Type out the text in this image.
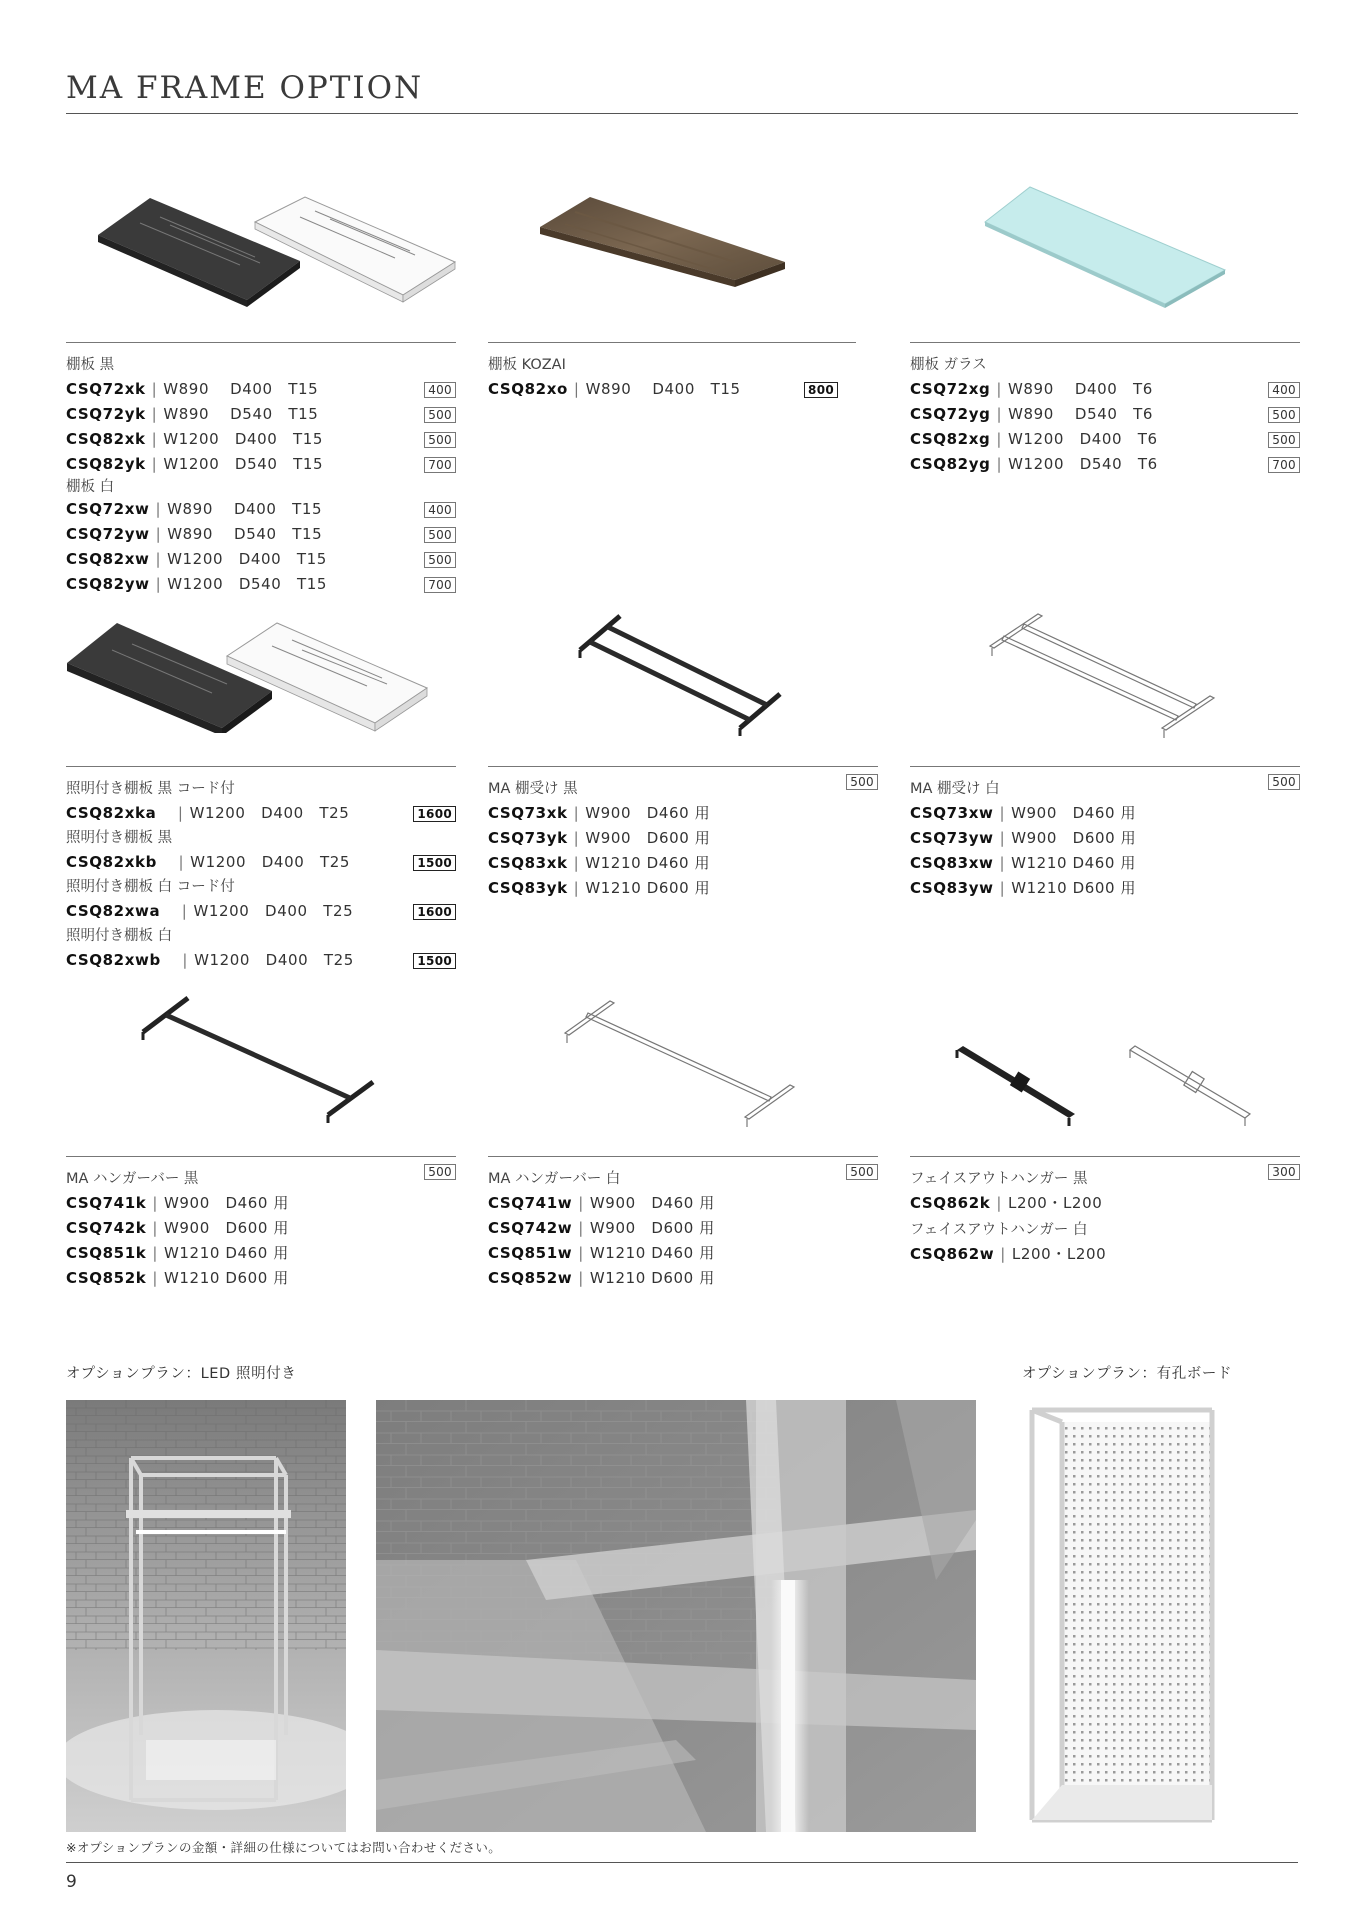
MA FRAME OPTION
棚板 黒
CSQ72xk | W890　 D400　T15	400
CSQ72yk | W890　 D540　T15	500
CSQ82xk | W1200　D400　T15	500
CSQ82yk | W1200　D540　T15	700
棚板 白
CSQ72xw | W890　 D400　T15	400
CSQ72yw | W890　 D540　T15	500
CSQ82xw | W1200　D400　T15	500
CSQ82yw | W1200　D540　T15	700
棚板 KOZAI
CSQ82xo | W890　 D400　T15	800
棚板 ガラス
CSQ72xg | W890　 D400　T6	400
CSQ72yg | W890　 D540　T6	500
CSQ82xg | W1200　D400　T6	500
CSQ82yg | W1200　D540　T6	700
照明付き棚板 黒 コード付
CSQ82xka　| W1200　D400　T25	1600
照明付き棚板 黒
CSQ82xkb　| W1200　D400　T25	1500
照明付き棚板 白 コード付
CSQ82xwa　| W1200　D400　T25	1600
照明付き棚板 白
CSQ82xwb　| W1200　D400　T25	1500
MA 棚受け 黒	500
CSQ73xk | W900　D460 用
CSQ73yk | W900　D600 用
CSQ83xk | W1210 D460 用
CSQ83yk | W1210 D600 用
MA 棚受け 白	500
CSQ73xw | W900　D460 用
CSQ73yw | W900　D600 用
CSQ83xw | W1210 D460 用
CSQ83yw | W1210 D600 用
MA ハンガーバー 黒	500
CSQ741k | W900　D460 用
CSQ742k | W900　D600 用
CSQ851k | W1210 D460 用
CSQ852k | W1210 D600 用
MA ハンガーバー 白	500
CSQ741w | W900　D460 用
CSQ742w | W900　D600 用
CSQ851w | W1210 D460 用
CSQ852w | W1210 D600 用
フェイスアウトハンガー 黒	300
CSQ862k | L200・L200
フェイスアウトハンガー 白
CSQ862w | L200・L200
オプションプラン：LED 照明付き	オプションプラン：有孔ボード
※オプションプランの金額・詳細の仕様についてはお問い合わせください。
9
